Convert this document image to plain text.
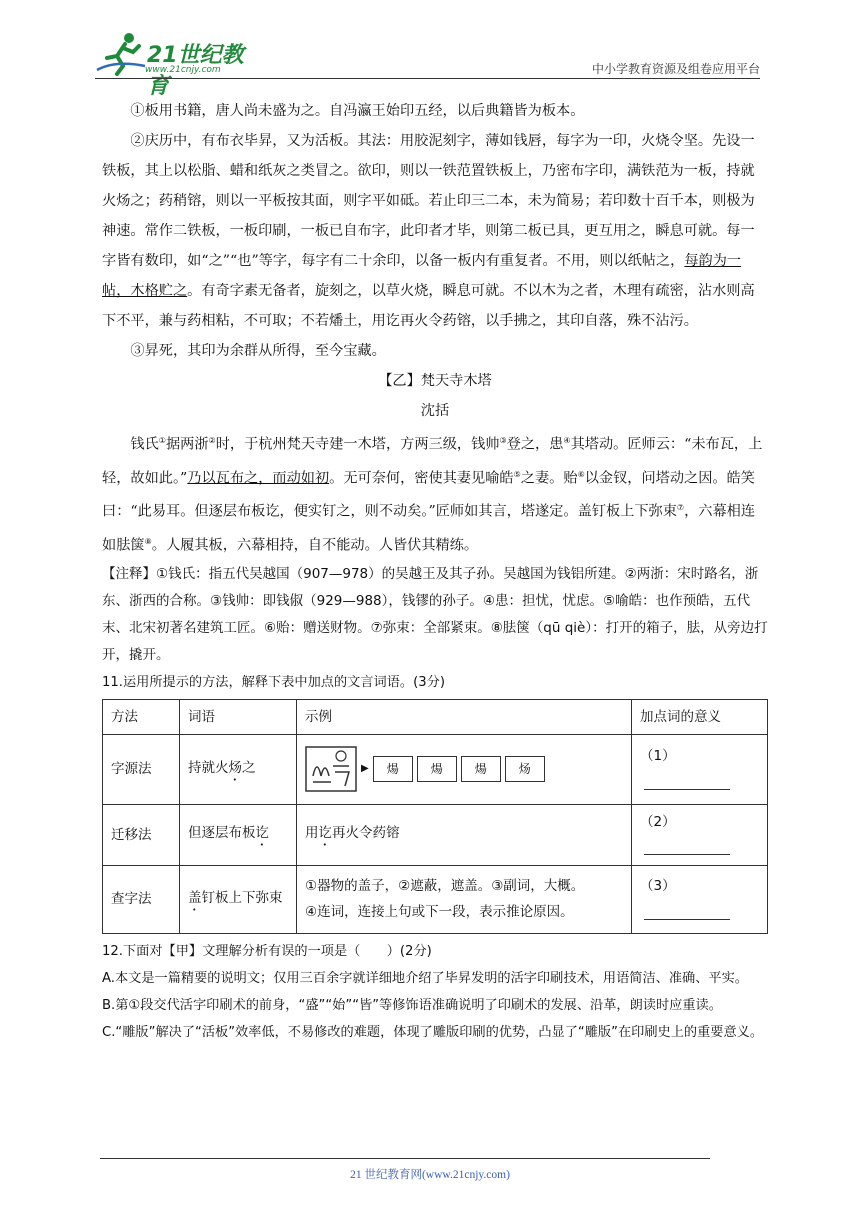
21世纪教育
www.21cnjy.com	中小学教育资源及组卷应用平台

①板用书籍，唐人尚未盛为之。自冯瀛王始印五经，以后典籍皆为板本。

②庆历中，有布衣毕昇，又为活板。其法：用胶泥刻字，薄如钱唇，每字为一印，火烧令坚。先设一铁板，其上以松脂、蜡和纸灰之类冒之。欲印，则以一铁范置铁板上，乃密布字印，满铁范为一板，持就火炀之；药稍镕，则以一平板按其面，则字平如砥。若止印三二本，未为简易；若印数十百千本，则极为神速。常作二铁板，一板印刷，一板已自布字，此印者才毕，则第二板已具，更互用之，瞬息可就。每一字皆有数印，如“之”“也”等字，每字有二十余印，以备一板内有重复者。不用，则以纸帖之，每韵为一帖，木格贮之。有奇字素无备者，旋刻之，以草火烧，瞬息可就。不以木为之者，木理有疏密，沾水则高下不平，兼与药相粘，不可取；不若燔土，用讫再火令药镕，以手拂之，其印自落，殊不沾污。

③昇死，其印为余群从所得，至今宝藏。

【乙】梵天寺木塔

沈括

钱氏①据两浙②时，于杭州梵天寺建一木塔，方两三级，钱帅③登之，患④其塔动。匠师云：“未布瓦，上轻，故如此。”乃以瓦布之，而动如初。无可奈何，密使其妻见喻皓⑤之妻。贻⑥以金钗，问塔动之因。皓笑曰：“此易耳。但逐层布板讫，便实钉之，则不动矣。”匠师如其言，塔遂定。盖钉板上下弥束⑦，六幕相连如胠箧⑧。人履其板，六幕相持，自不能动。人皆伏其精练。

【注释】①钱氏：指五代吴越国（907—978）的吴越王及其子孙。吴越国为钱铝所建。②两浙：宋时路名，浙东、浙西的合称。③钱帅：即钱俶（929—988），钱镠的孙子。④患：担忧，忧虑。⑤喻皓：也作预皓，五代末、北宋初著名建筑工匠。⑥贻：赠送财物。⑦弥束：全部紧束。⑧胠箧（qū qiè）：打开的箱子，胠，从旁边打开，撬开。

11.运用所提示的方法，解释下表中加点的文言词语。(3分)

方法	词语	示例	加点词的意义
字源法	持就火炀之	▶ 煬 煬 煬 炀	（1）
迁移法	但逐层布板讫	用讫再火令药镕	（2）
查字法	盖钉板上下弥束	①器物的盖子，②遮蔽，遮盖。③副词，大概。
④连词，连接上句或下一段，表示推论原因。	（3）

12.下面对【甲】文理解分析有误的一项是（　　）(2分)

A.本文是一篇精要的说明文；仅用三百余字就详细地介绍了毕昇发明的活字印刷技术，用语简洁、准确、平实。

B.第①段交代活字印刷术的前身，“盛”“始”“皆”等修饰语准确说明了印刷术的发展、沿革，朗读时应重读。

C.“雕版”解决了“活板”效率低，不易修改的难题，体现了雕版印刷的优势，凸显了“雕版”在印刷史上的重要意义。

21 世纪教育网(www.21cnjy.com)
